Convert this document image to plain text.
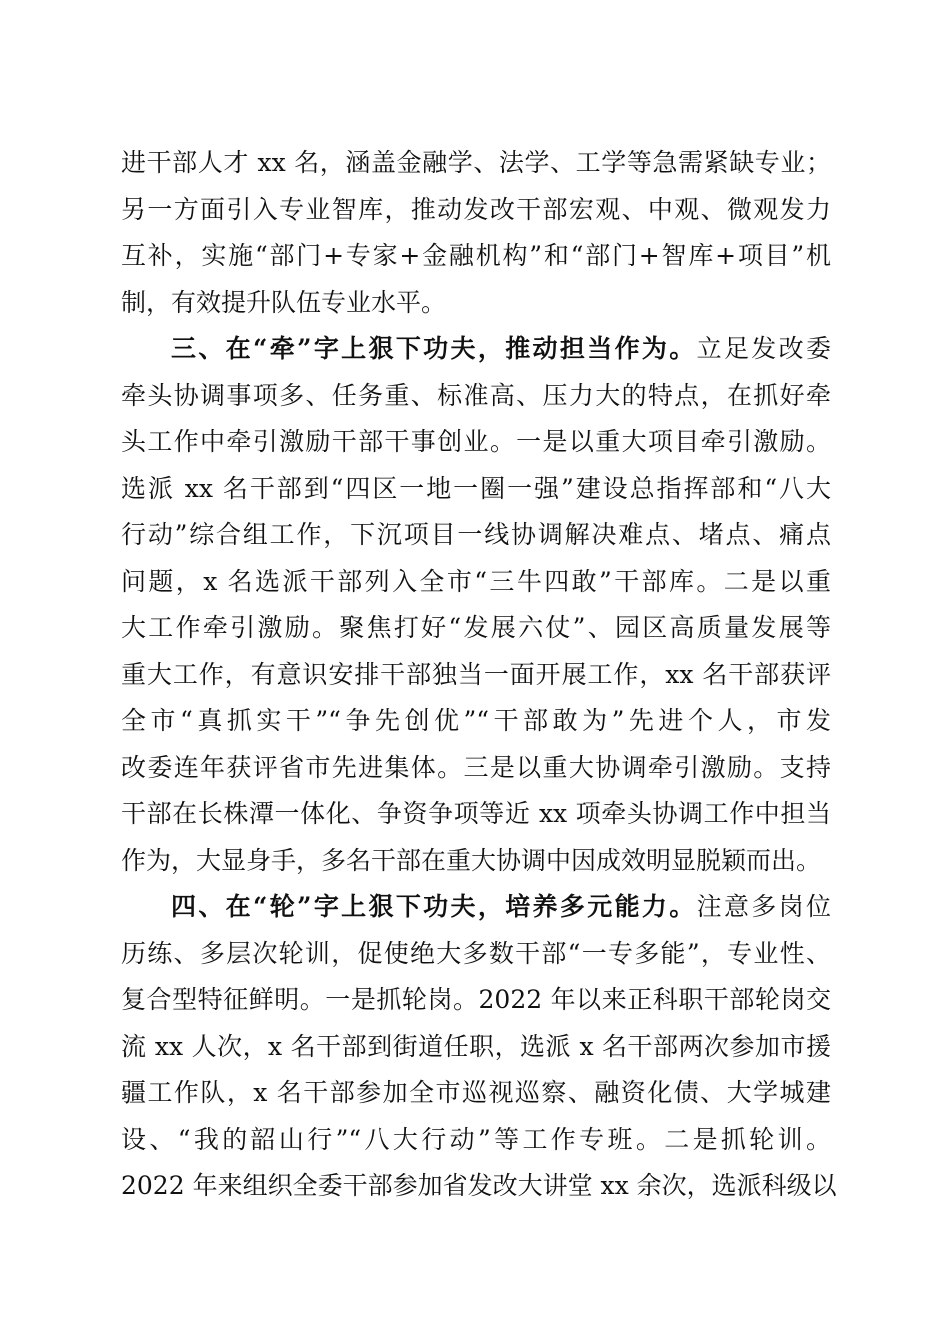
进干部人才 xx 名，涵盖金融学、法学、工学等急需紧缺专业；
另一方面引入专业智库，推动发改干部宏观、中观、微观发力
互补，实施“部门+专家+金融机构”和“部门+智库+项目”机
制，有效提升队伍专业水平。
三、在“牵”字上狠下功夫，推动担当作为。立足发改委
牵头协调事项多、任务重、标准高、压力大的特点，在抓好牵
头工作中牵引激励干部干事创业。一是以重大项目牵引激励。
选派 xx 名干部到“四区一地一圈一强”建设总指挥部和“八大
行动”综合组工作，下沉项目一线协调解决难点、堵点、痛点
问题，x 名选派干部列入全市“三牛四敢”干部库。二是以重
大工作牵引激励。聚焦打好“发展六仗”、园区高质量发展等
重大工作，有意识安排干部独当一面开展工作，xx 名干部获评
全市“真抓实干”“争先创优”“干部敢为”先进个人，市发
改委连年获评省市先进集体。三是以重大协调牵引激励。支持
干部在长株潭一体化、争资争项等近 xx 项牵头协调工作中担当
作为，大显身手，多名干部在重大协调中因成效明显脱颖而出。
四、在“轮”字上狠下功夫，培养多元能力。注意多岗位
历练、多层次轮训，促使绝大多数干部“一专多能”，专业性、
复合型特征鲜明。一是抓轮岗。2022 年以来正科职干部轮岗交
流 xx 人次，x 名干部到街道任职，选派 x 名干部两次参加市援
疆工作队，x 名干部参加全市巡视巡察、融资化债、大学城建
设、“我的韶山行”“八大行动”等工作专班。二是抓轮训。
2022 年来组织全委干部参加省发改大讲堂 xx 余次，选派科级以
